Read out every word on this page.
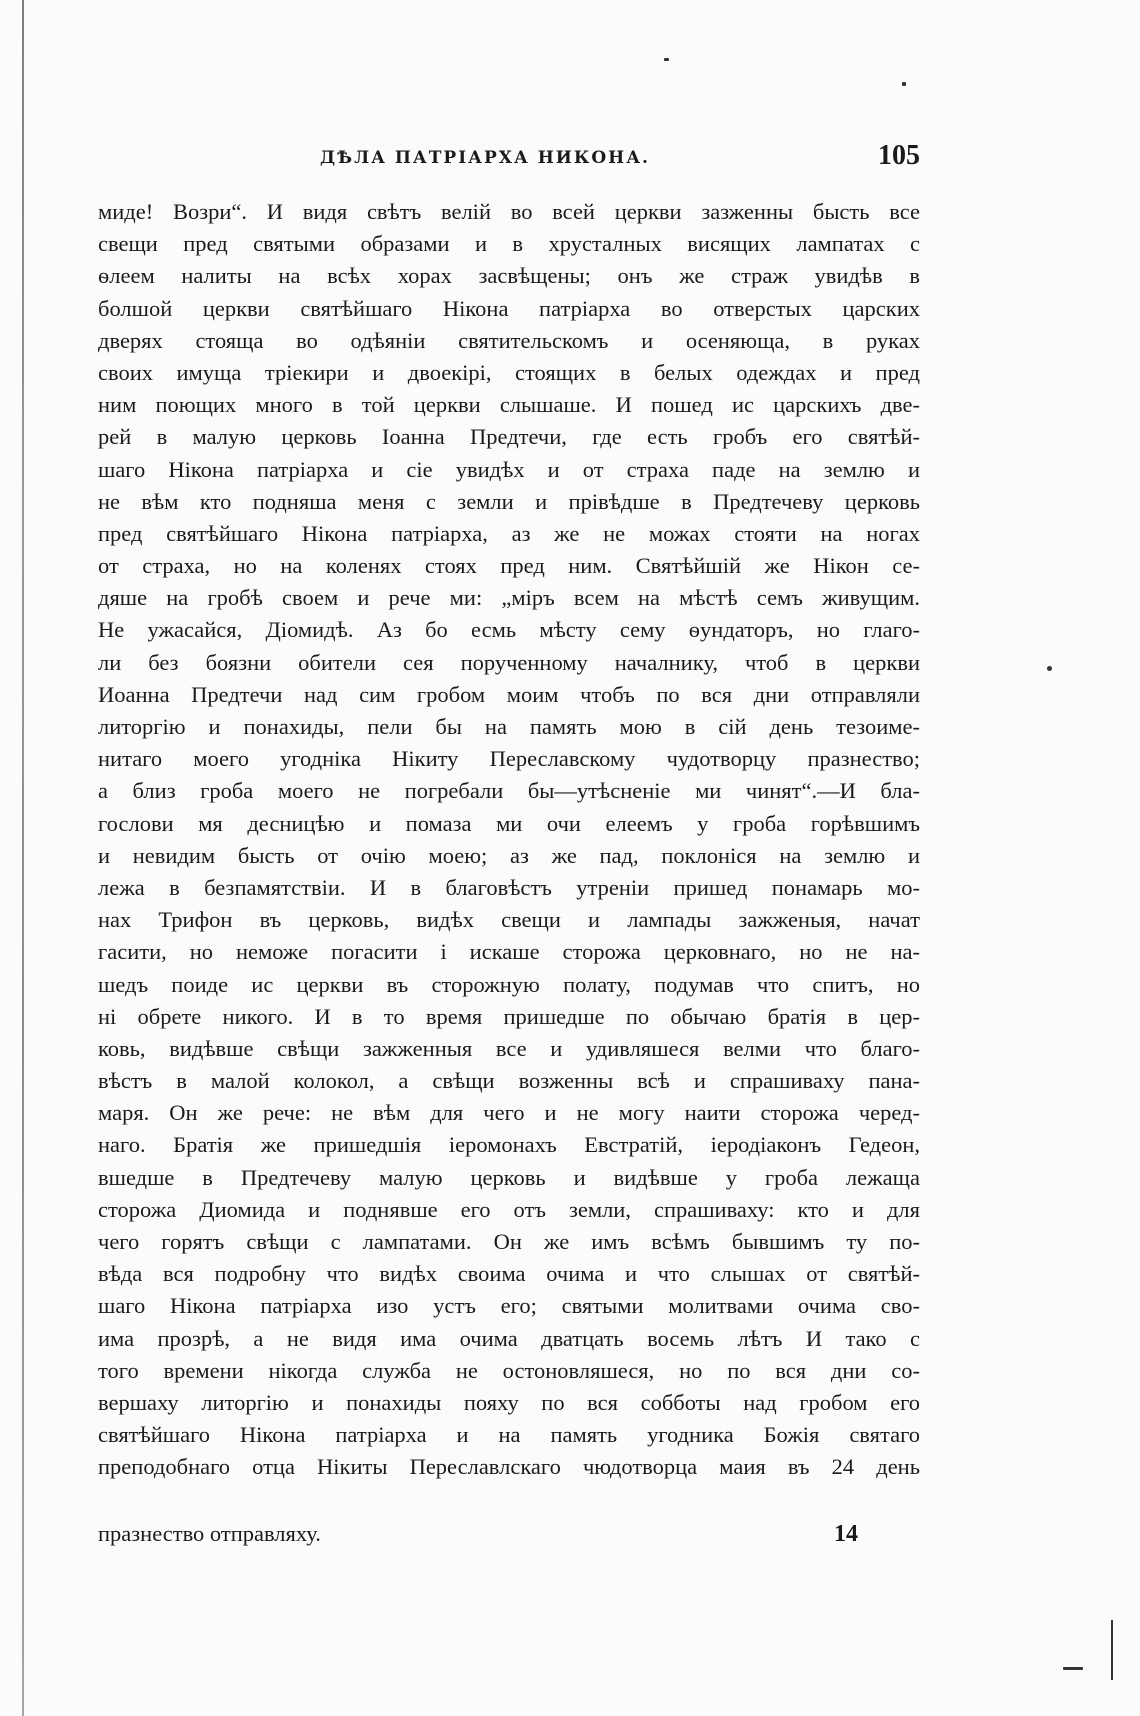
ДѢЛА ПАТРІАРХА НИКОНА.	105
миде! Возри“. И видя свѣтъ велій во всей церкви зазженны бысть все
свещи пред святыми образами и в хрусталных висящих лампатах с
ѳлеем налиты на всѣх хорах засвѣщены; онъ же страж увидѣв в
болшой церкви святѣйшаго Нікона патріарха во отверстых царских
дверях стояща во одѣяніи святительскомъ и осеняюща, в руках
своих имуща тріекири и двоекірі, стоящих в белых одеждах и пред
ним поющих много в той церкви слышаше. И пошед ис царскихъ две-
рей в малую церковь Іоанна Предтечи, где есть гробъ его святѣй-
шаго Нікона патріарха и сіе увидѣх и от страха паде на землю и
не вѣм кто подняша меня с земли и прівѣдше в Предтечеву церковь
пред святѣйшаго Нікона патріарха, аз же не можах стояти на ногах
от страха, но на коленях стоях пред ним. Святѣйшій же Нікон се-
дяше на гробѣ своем и рече ми: „міръ всем на мѣстѣ семъ живущим.
Не ужасайся, Діомидѣ. Аз бо есмь мѣсту сему ѳундаторъ, но глаго-
ли без боязни обители сея порученному началнику, чтоб в церкви
Иоанна Предтечи над сим гробом моим чтобъ по вся дни отправляли
литоргію и понахиды, пели бы на память мою в сій день тезоиме-
нитаго моего угодніка Нікиту Переславскому чудотворцу празнество;
а близ гроба моего не погребали бы—утѣсненіе ми чинят“.—И бла-
гослови мя десницѣю и помаза ми очи елеемъ у гроба горѣвшимъ
и невидим бысть от очію моею; аз же пад, поклоніся на землю и
лежа в безпамятствіи. И в благовѣстъ утреніи пришед понамарь мо-
нах Трифон въ церковь, видѣх свещи и лампады зажженыя, начат
гасити, но неможе погасити і искаше сторожа церковнаго, но не на-
шедъ поиде ис церкви въ сторожную полату, подумав что спитъ, но
ні обрете никого. И в то время пришедше по обычаю братія в цер-
ковь, видѣвше свѣщи зажженныя все и удивляшеся велми что благо-
вѣстъ в малой колокол, а свѣщи возженны всѣ и спрашиваху пана-
маря. Он же рече: не вѣм для чего и не могу наити сторожа черед-
наго. Братія же пришедшія іеромонахъ Евстратій, іеродіаконъ Гедеон,
вшедше в Предтечеву малую церковь и видѣвше у гроба лежаща
сторожа Диомида и поднявше его отъ земли, спрашиваху: кто и для
чего горятъ свѣщи с лампатами. Он же имъ всѣмъ бывшимъ ту по-
вѣда вся подробну что видѣх своима очима и что слышах от святѣй-
шаго Нікона патріарха изо устъ его; святыми молитвами очима сво-
има прозрѣ, а не видя има очима дватцать восемь лѣтъ И тако с
того времени нікогда служба не остоновляшеся, но по вся дни со-
вершаху литоргію и понахиды пояху по вся собботы над гробом его
святѣйшаго Нікона патріарха и на память угодника Божія святаго
преподобнаго отца Нікиты Переславлскаго чюдотворца маия въ 24 день
празнество отправляху.	14
